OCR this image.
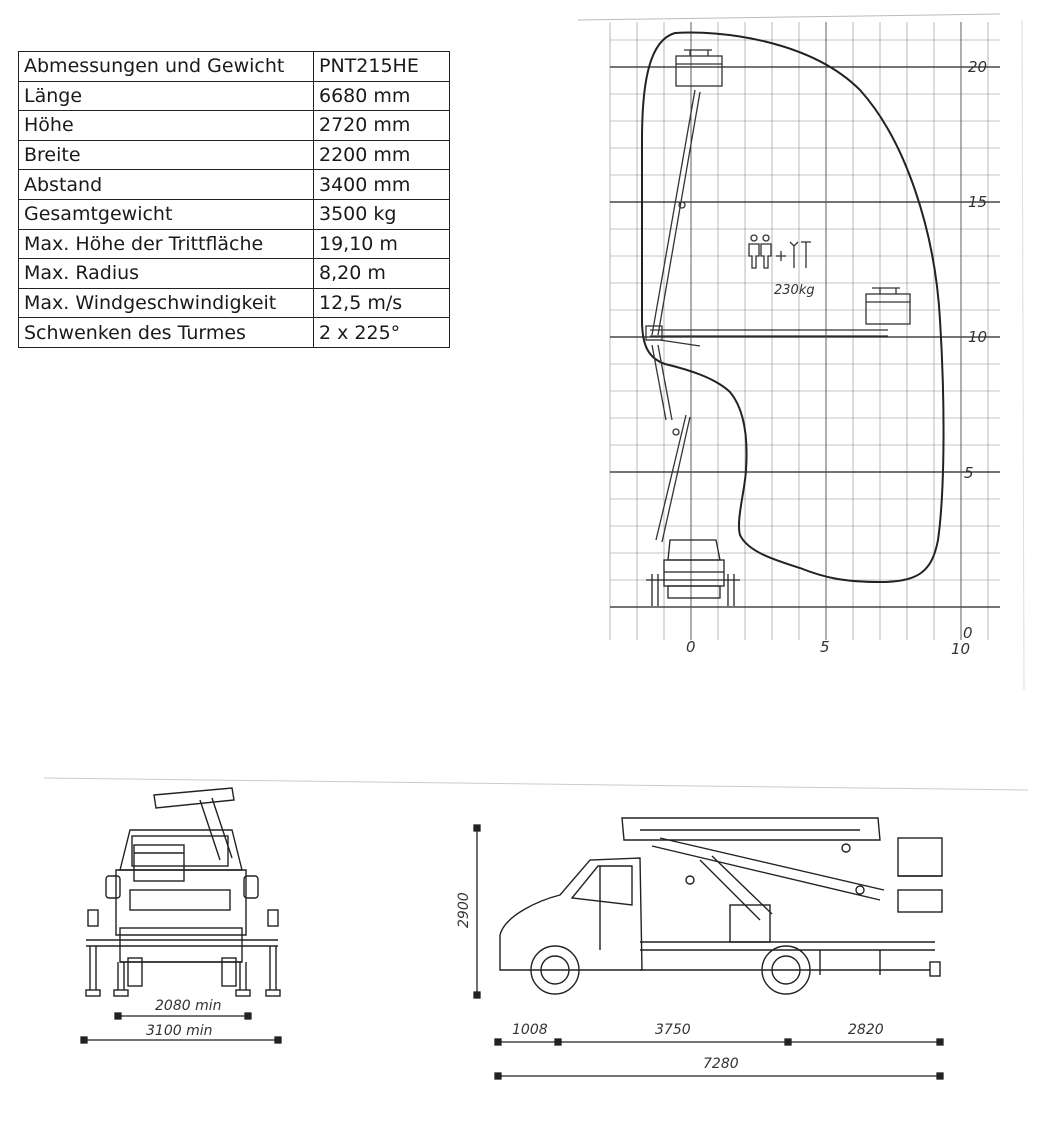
Abmessungen und Gewicht	PNT215HE
Länge	6680 mm
Höhe	2720 mm
Breite	2200 mm
Abstand	3400 mm
Gesamtgewicht	3500 kg
Max. Höhe der Trittfläche	19,10 m
Max. Radius	8,20 m
Max. Windgeschwindigkeit	12,5 m/s
Schwenken des Turmes	2 x 225°
230kg
20
15
10
5
0
0	5	10
2080 min
3100 min
2900
1008	3750	2820
7280
